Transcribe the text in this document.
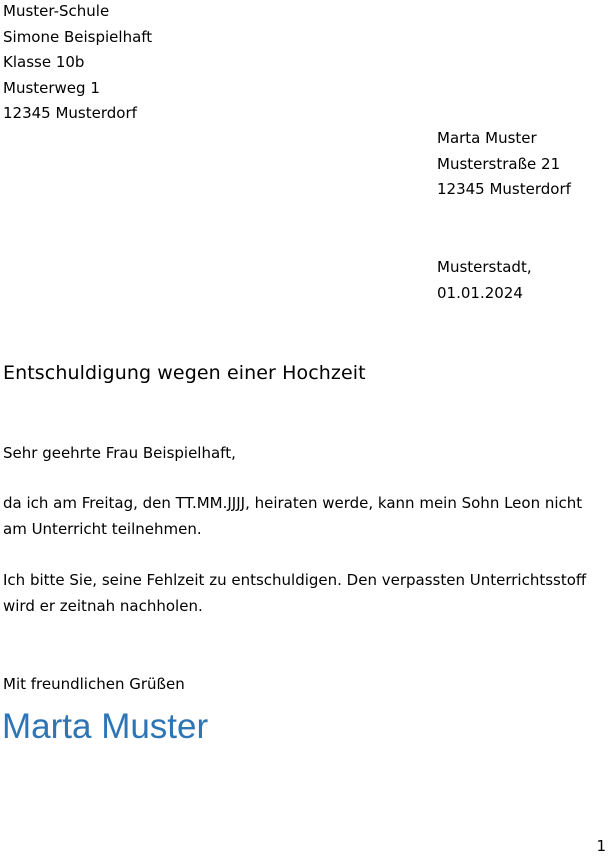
Muster-Schule
Simone Beispielhaft
Klasse 10b
Musterweg 1
12345 Musterdorf
Marta Muster
Musterstraße 21
12345 Musterdorf
Musterstadt,
01.01.2024
Entschuldigung wegen einer Hochzeit
Sehr geehrte Frau Beispielhaft,
da ich am Freitag, den TT.MM.JJJJ, heiraten werde, kann mein Sohn Leon nicht am Unterricht teilnehmen.
Ich bitte Sie, seine Fehlzeit zu entschuldigen. Den verpassten Unterrichtsstoff wird er zeitnah nachholen.
Mit freundlichen Grüßen
Marta Muster
1
